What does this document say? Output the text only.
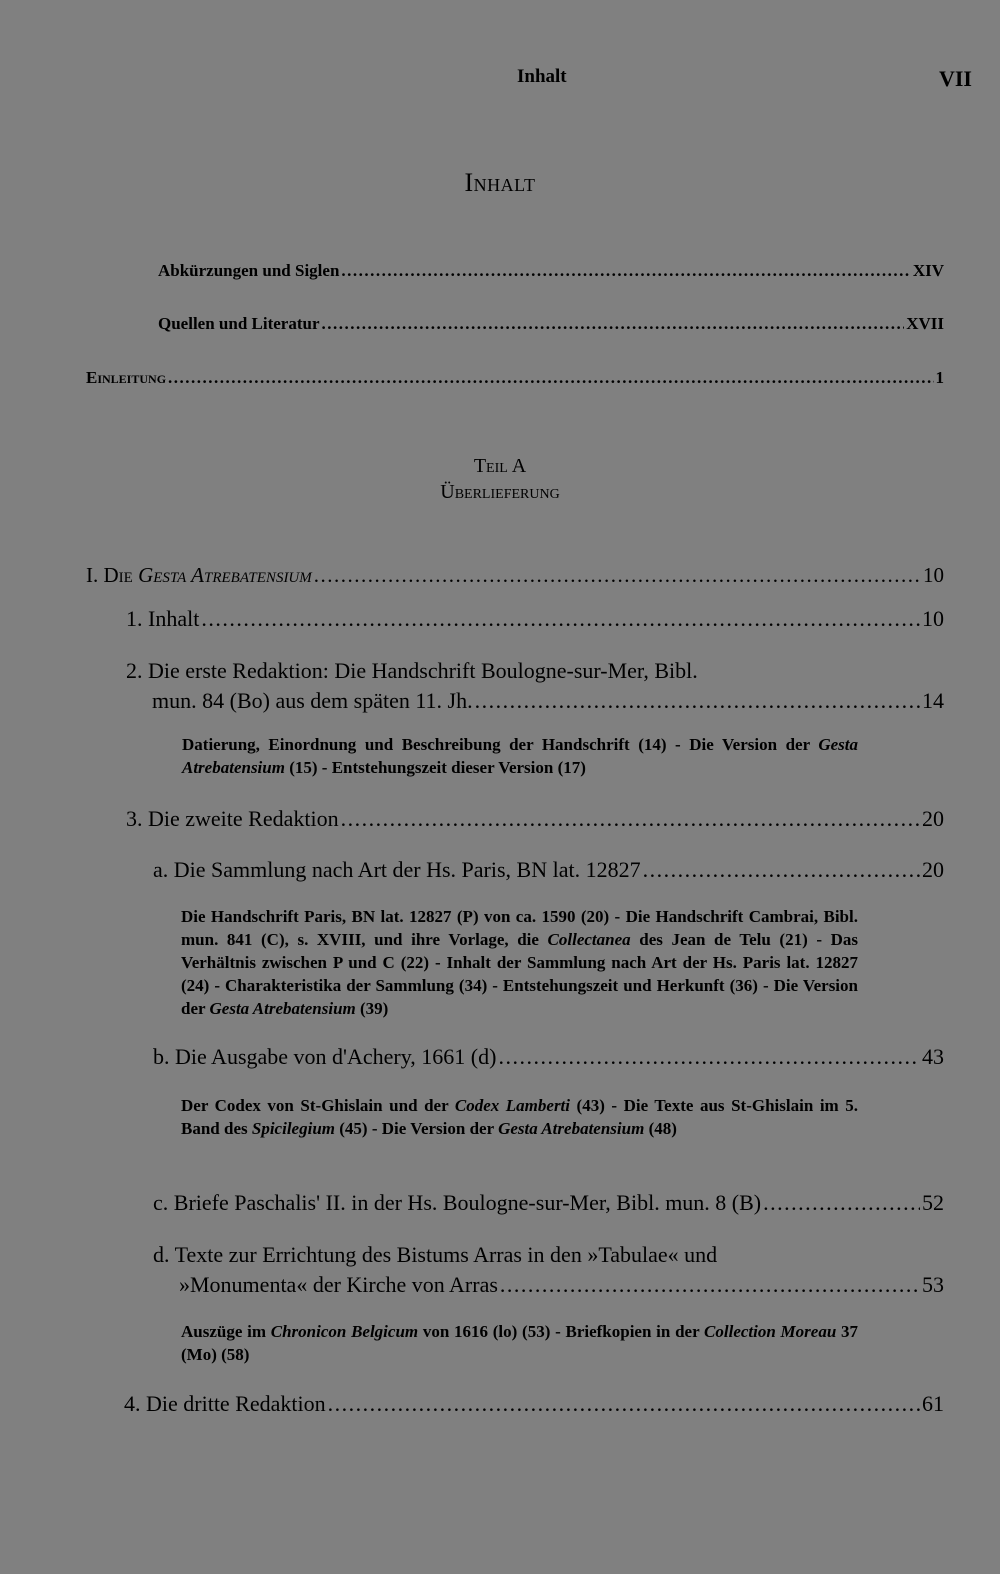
Inhalt	VII
Inhalt
Abkürzungen und Siglen .....	XIV
Quellen und Literatur .....	XVII
Einleitung .....	1
Teil A
Überlieferung
I. Die Gesta Atrebatensium .....	10
1. Inhalt .....	10
2. Die erste Redaktion: Die Handschrift Boulogne-sur-Mer, Bibl.
mun. 84 (Bo) aus dem späten 11. Jh. .....	14
Datierung, Einordnung und Beschreibung der Handschrift (14) - Die Version der Gesta Atrebatensium (15) - Entstehungszeit dieser Version (17)
3. Die zweite Redaktion .....	20
a. Die Sammlung nach Art der Hs. Paris, BN lat. 12827 .....	20
Die Handschrift Paris, BN lat. 12827 (P) von ca. 1590 (20) - Die Handschrift Cambrai, Bibl. mun. 841 (C), s. XVIII, und ihre Vorlage, die Collectanea des Jean de Telu (21) - Das Verhältnis zwischen P und C (22) - Inhalt der Sammlung nach Art der Hs. Paris lat. 12827 (24) - Charakteristika der Sammlung (34) - Entstehungszeit und Herkunft (36) - Die Version der Gesta Atrebatensium (39)
b. Die Ausgabe von d'Achery, 1661 (d) .....	43
Der Codex von St-Ghislain und der Codex Lamberti (43) - Die Texte aus St-Ghislain im 5. Band des Spicilegium (45) - Die Version der Gesta Atrebatensium (48)
c. Briefe Paschalis' II. in der Hs. Boulogne-sur-Mer, Bibl. mun. 8 (B) .....	52
d. Texte zur Errichtung des Bistums Arras in den »Tabulae« und
»Monumenta« der Kirche von Arras .....	53
Auszüge im Chronicon Belgicum von 1616 (lo) (53) - Briefkopien in der Collection Moreau 37 (Mo) (58)
4. Die dritte Redaktion .....	61
